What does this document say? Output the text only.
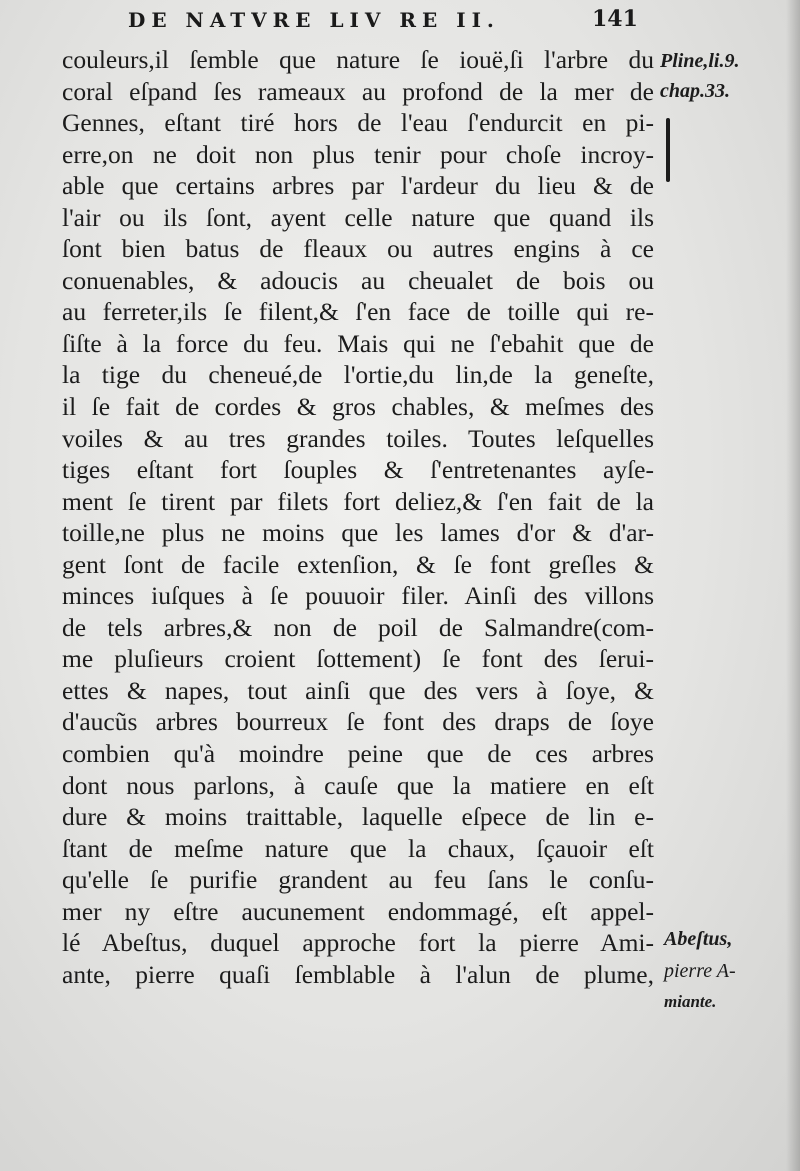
DE NATVRE LIV RE II.	141
couleurs,il ſemble que nature ſe ioue͏̈,ſi l'arbre du
coral eſpand ſes rameaux au profond de la mer de
Gennes, eſtant tiré hors de l'eau ſ'endurcit en pi-
erre,on ne doit non plus tenir pour choſe incroy-
able que certains arbres par l'ardeur du lieu & de
l'air ou ils ſont, ayent celle nature que quand ils
ſont bien batus de fleaux ou autres engins à ce
conuenables, & adoucis au cheualet de bois ou
au ferreter,ils ſe filent,& ſ'en face de toille qui re-
ſiſte à la force du feu. Mais qui ne ſ'ebahit que de
la tige du cheneué,de l'ortie,du lin,de la geneſte,
il ſe fait de cordes & gros chables, & meſmes des
voiles & au tres grandes toiles. Toutes leſquelles
tiges eſtant fort ſouples & ſ'entretenantes ayſe-
ment ſe tirent par filets fort deliez,& ſ'en fait de la
toille,ne plus ne moins que les lames d'or & d'ar-
gent ſont de facile extenſion, & ſe font greſles &
minces iuſques à ſe pouuoir filer. Ainſi des villons
de tels arbres,& non de poil de Salmandre(com-
me pluſieurs croient ſottement) ſe font des ſerui-
ettes & napes, tout ainſi que des vers à ſoye, &
d'aucũs arbres bourreux ſe font des draps de ſoye
combien qu'à moindre peine que de ces arbres
dont nous parlons, à cauſe que la matiere en eſt
dure & moins traittable, laquelle eſpece de lin e-
ſtant de meſme nature que la chaux, ſçauoir eſt
qu'elle ſe purifie grandent au feu ſans le conſu-
mer ny eſtre aucunement endommagé, eſt appel-
lé Abeſtus, duquel approche fort la pierre Ami-
ante, pierre quaſi ſemblable à l'alun de plume,
Pline,li.9.
chap.33.
Abeſtus,
pierre A-
miante.
